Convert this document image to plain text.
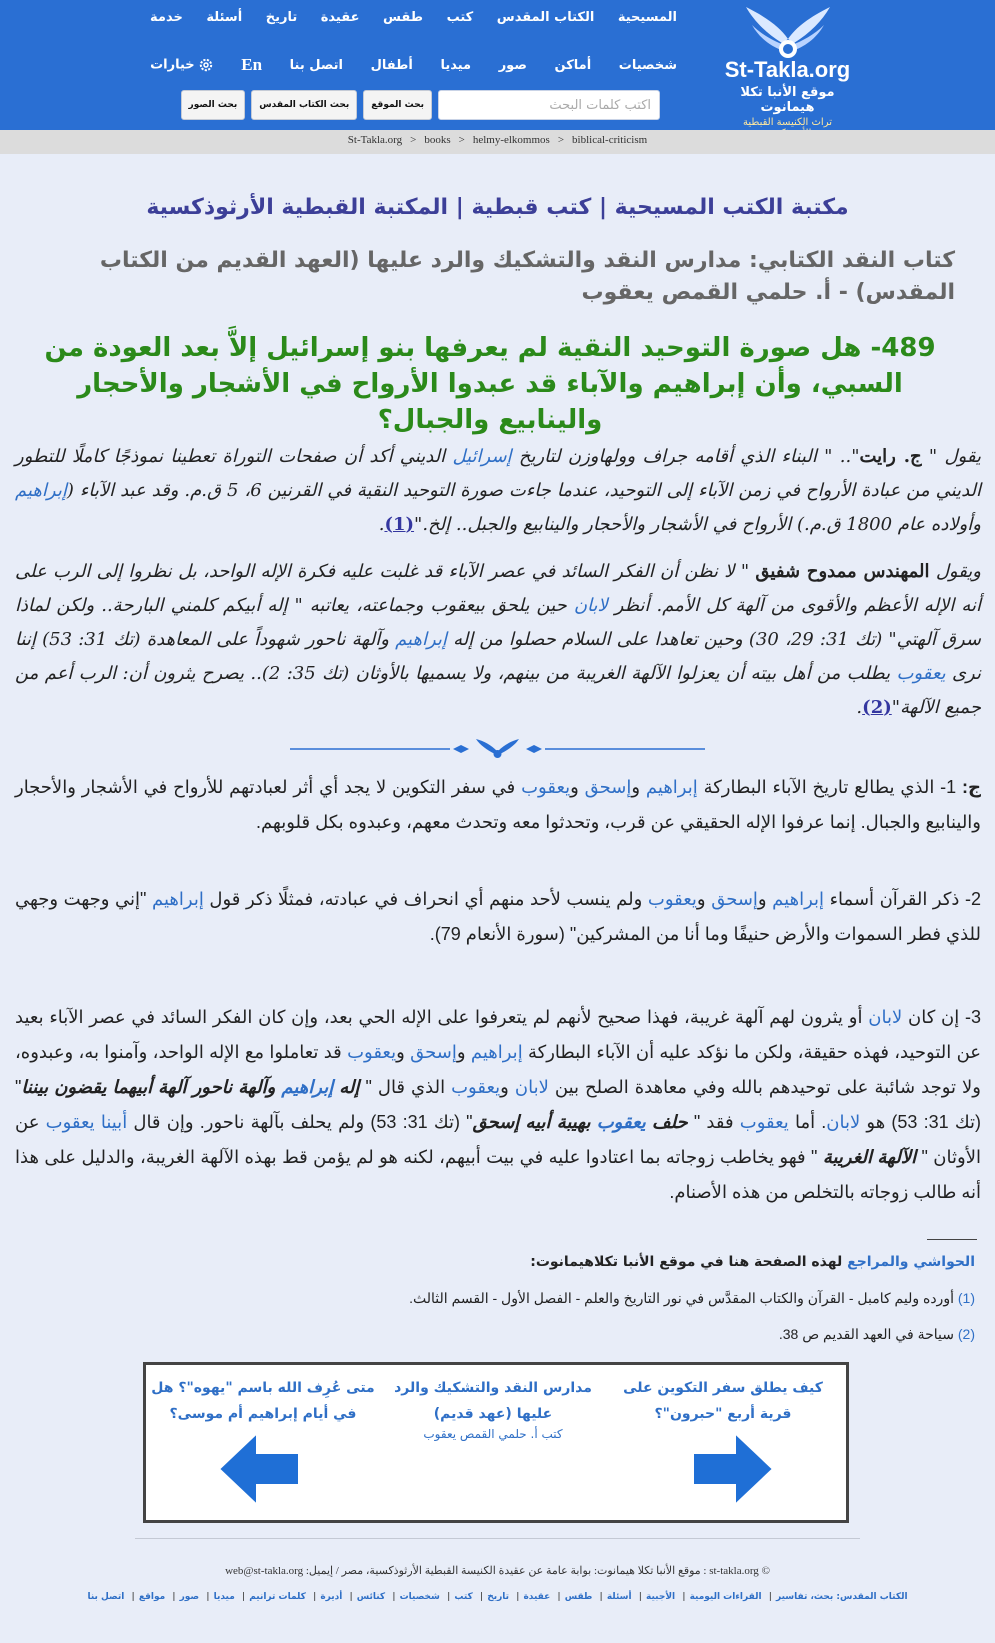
St-Takla.org
موقع الأنبا تكلا هيمانوت
تراث الكنيسة القبطية
المسيحية
الكتاب المقدس
كتب
طقس
عقيدة
تاريخ
أسئلة
خدمة
شخصيات
أماكن
صور
ميديا
أطفال
اتصل بنا
En
خيارات
اكتب كلمات البحث
بحث الموقع
بحث الكتاب المقدس
بحث الصور
St-Takla.org > books > helmy-elkommos > biblical-criticism
مكتبة الكتب المسيحية | كتب قبطية | المكتبة القبطية الأرثوذكسية
كتاب النقد الكتابي: مدارس النقد والتشكيك والرد عليها (العهد القديم من الكتاب المقدس) - أ. حلمي القمص يعقوب
489- هل صورة التوحيد النقية لم يعرفها بنو إسرائيل إلاَّ بعد العودة من السبي، وأن إبراهيم والآباء قد عبدوا الأرواح في الأشجار والأحجار والينابيع والجبال؟
يقول " ج. رايت".. " البناء الذي أقامه جراف وولهاوزن لتاريخ إسرائيل الديني أكد أن صفحات التوراة تعطينا نموذجًا كاملًا للتطور الديني من عبادة الأرواح في زمن الآباء إلى التوحيد، عندما جاءت صورة التوحيد النقية في القرنين 6، 5 ق.م. وقد عبد الآباء (إبراهيم وأولاده عام 1800 ق.م.) الأرواح في الأشجار والأحجار والينابيع والجبل.. إلخ."(1).
ويقول المهندس ممدوح شفيق " لا نظن أن الفكر السائد في عصر الآباء قد غلبت عليه فكرة الإله الواحد، بل نظروا إلى الرب على أنه الإله الأعظم والأقوى من آلهة كل الأمم. أنظر لابان حين يلحق بيعقوب وجماعته، يعاتبه " إله أبيكم كلمني البارحة.. ولكن لماذا سرق آلهتي" (تك 31: 29، 30) وحين تعاهدا على السلام حصلوا من إله إبراهيم وآلهة ناحور شهوداً على المعاهدة (تك 31: 53) إننا نرى يعقوب يطلب من أهل بيته أن يعزلوا الآلهة الغريبة من بينهم، ولا يسميها بالأوثان (تك 35: 2).. يصرح يثرون أن: الرب أعم من جميع الآلهة"(2).
ج: 1- الذي يطالع تاريخ الآباء البطاركة إبراهيم وإسحق ويعقوب في سفر التكوين لا يجد أي أثر لعبادتهم للأرواح في الأشجار والأحجار والينابيع والجبال. إنما عرفوا الإله الحقيقي عن قرب، وتحدثوا معه وتحدث معهم، وعبدوه بكل قلوبهم.
2- ذكر القرآن أسماء إبراهيم وإسحق ويعقوب ولم ينسب لأحد منهم أي انحراف في عبادته، فمثلًا ذكر قول إبراهيم "إني وجهت وجهي للذي فطر السموات والأرض حنيفًا وما أنا من المشركين" (سورة الأنعام 79).
3- إن كان لابان أو يثرون لهم آلهة غريبة، فهذا صحيح لأنهم لم يتعرفوا على الإله الحي بعد، وإن كان الفكر السائد في عصر الآباء بعيد عن التوحيد، فهذه حقيقة، ولكن ما نؤكد عليه أن الآباء البطاركة إبراهيم وإسحق ويعقوب قد تعاملوا مع الإله الواحد، وآمنوا به، وعبدوه، ولا توجد شائبة على توحيدهم بالله وفي معاهدة الصلح بين لابان ويعقوب الذي قال " إله إبراهيم وآلهة ناحور آلهة أبيهما يقضون بيننا" (تك 31: 53) هو لابان. أما يعقوب فقد " حلف يعقوب بهيبة أبيه إسحق" (تك 31: 53) ولم يحلف بآلهة ناحور. وإن قال أبينا يعقوب عن الأوثان " الآلهة الغريبة " فهو يخاطب زوجاته بما اعتادوا عليه في بيت أبيهم، لكنه هو لم يؤمن قط بهذه الآلهة الغريبة، والدليل على هذا أنه طالب زوجاته بالتخلص من هذه الأصنام.
الحواشي والمراجع لهذه الصفحة هنا في موقع الأنبا تكلاهيمانوت:
(1) أورده وليم كامبل - القرآن والكتاب المقدَّس في نور التاريخ والعلم - الفصل الأول - القسم الثالث.
(2) سياحة في العهد القديم ص 38.
كيف يطلق سفر التكوين على قرية أربع "حبرون"؟
مدارس النقد والتشكيك والرد عليها (عهد قديم)
كتب أ. حلمي القمص يعقوب
متى عُرِف الله باسم "يهوه"؟ هل في أيام إبراهيم أم موسى؟
© st-takla.org : موقع الأنبا تكلا هيمانوت: بوابة عامة عن عقيدة الكنيسة القبطية الأرثوذكسية، مصر / إيميل: web@st-takla.org
الكتاب المقدس: بحث، تفاسير| القراءات اليومية| الأجبية| أسئلة| طقس| عقيدة| تاريخ| كتب| شخصيات| كنائس| أديرة| كلمات ترانيم| ميديا| صور| مواقع| اتصل بنا
